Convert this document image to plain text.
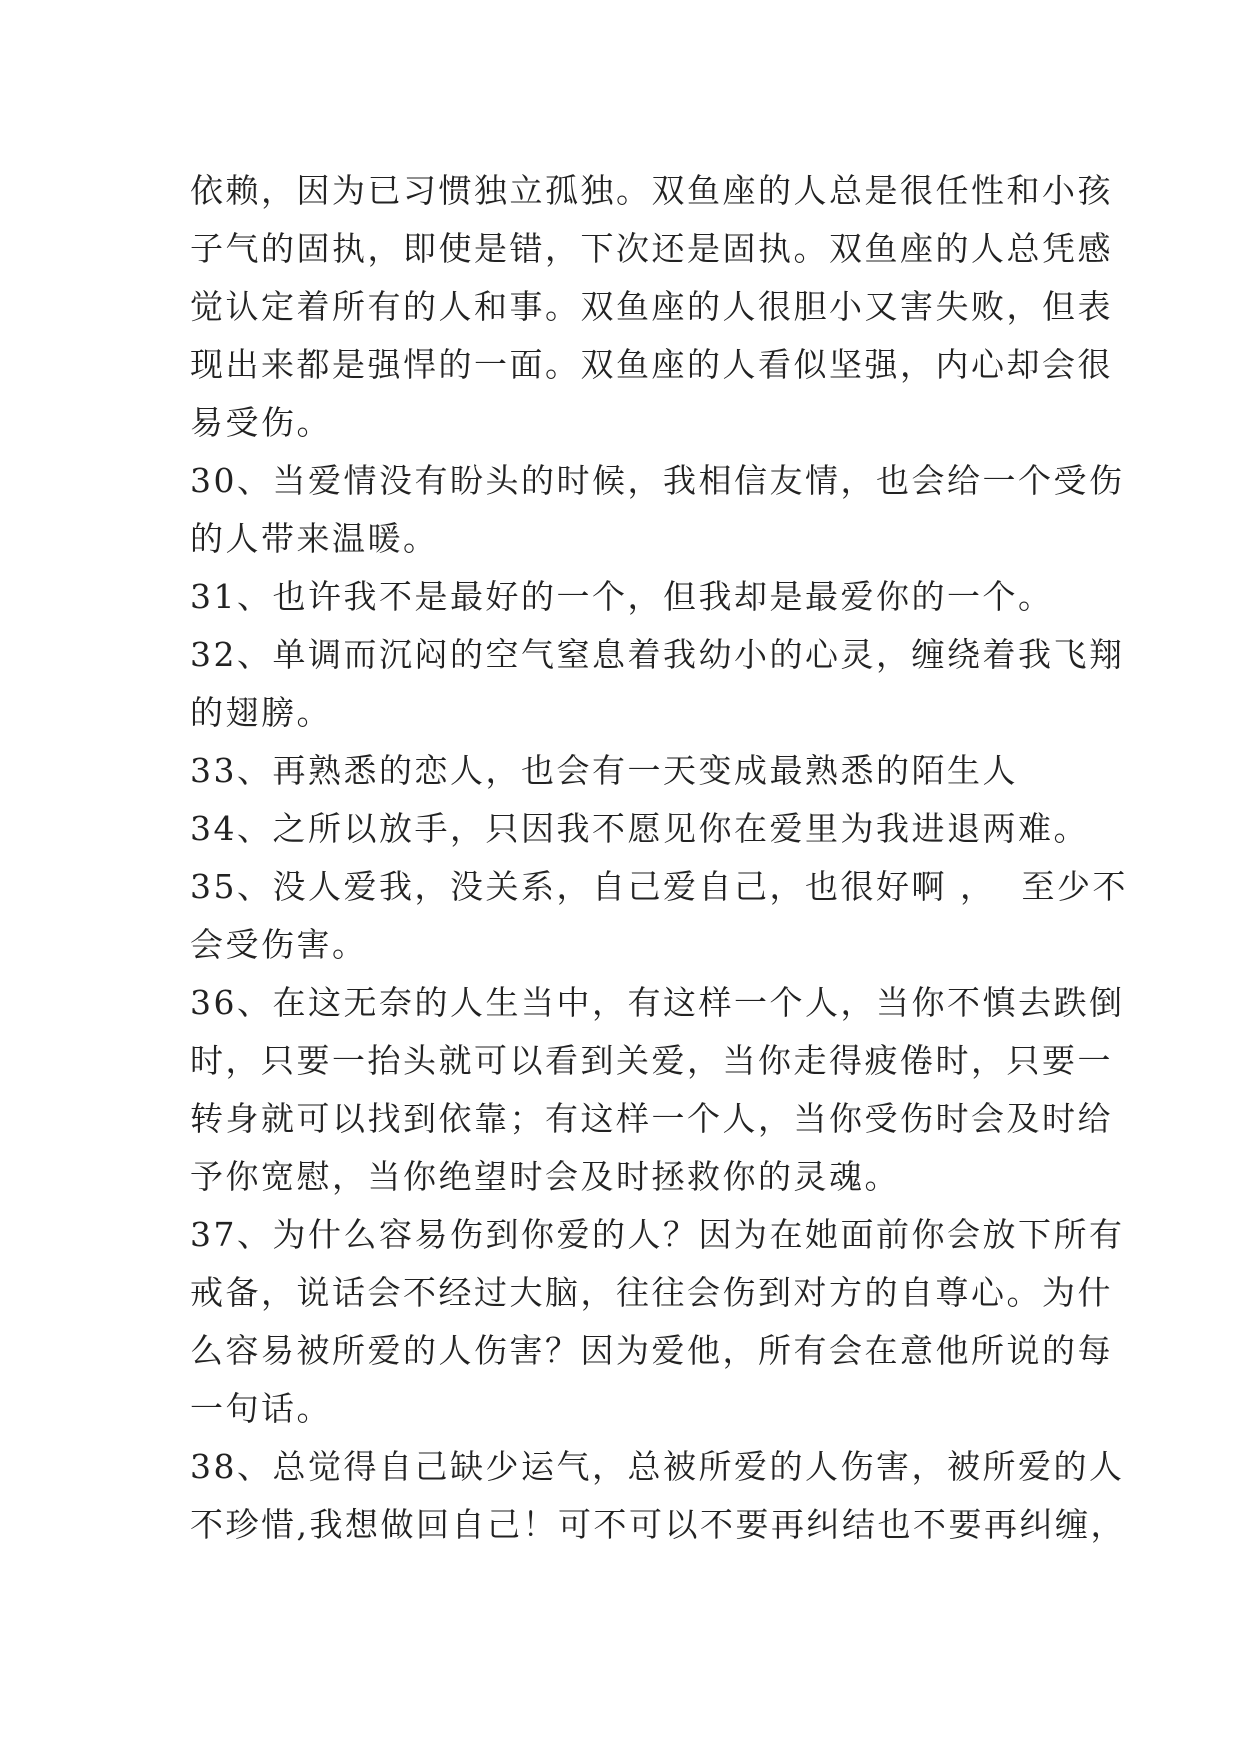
依赖，因为已习惯独立孤独。双鱼座的人总是很任性和小孩

子气的固执，即使是错，下次还是固执。双鱼座的人总凭感

觉认定着所有的人和事。双鱼座的人很胆小又害失败，但表

现出来都是强悍的一面。双鱼座的人看似坚强，内心却会很

易受伤。

30、当爱情没有盼头的时候，我相信友情，也会给一个受伤

的人带来温暖。

31、也许我不是最好的一个，但我却是最爱你的一个。

32、单调而沉闷的空气窒息着我幼小的心灵，缠绕着我飞翔

的翅膀。

33、再熟悉的恋人，也会有一天变成最熟悉的陌生人

34、之所以放手，只因我不愿见你在爱里为我进退两难。

35、没人爱我，没关系，自己爱自己，也很好啊 ，  至少不

会受伤害。

36、在这无奈的人生当中，有这样一个人，当你不慎去跌倒

时，只要一抬头就可以看到关爱，当你走得疲倦时，只要一

转身就可以找到依靠；有这样一个人，当你受伤时会及时给

予你宽慰，当你绝望时会及时拯救你的灵魂。

37、为什么容易伤到你爱的人？因为在她面前你会放下所有

戒备，说话会不经过大脑，往往会伤到对方的自尊心。为什

么容易被所爱的人伤害？因为爱他，所有会在意他所说的每

一句话。

38、总觉得自己缺少运气，总被所爱的人伤害，被所爱的人

不珍惜,我想做回自己！可不可以不要再纠结也不要再纠缠，
